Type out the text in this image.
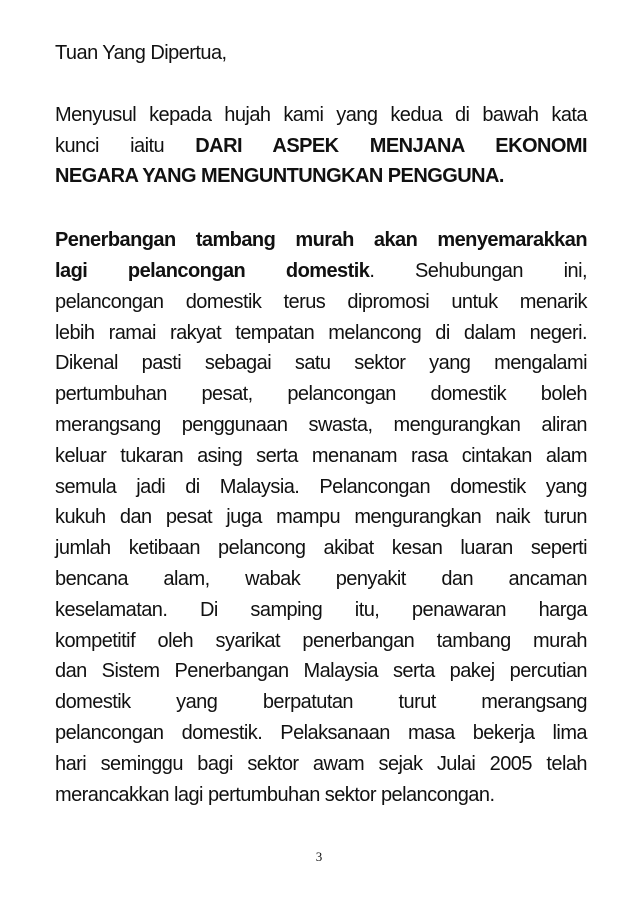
Tuan Yang Dipertua,
Menyusul kepada hujah kami yang kedua di bawah kata
kunci iaitu DARI ASPEK MENJANA EKONOMI
NEGARA YANG MENGUNTUNGKAN PENGGUNA.
Penerbangan tambang murah akan menyemarakkan
lagi pelancongan domestik. Sehubungan ini,
pelancongan domestik terus dipromosi untuk menarik
lebih ramai rakyat tempatan melancong di dalam negeri.
Dikenal pasti sebagai satu sektor yang mengalami
pertumbuhan pesat, pelancongan domestik boleh
merangsang penggunaan swasta, mengurangkan aliran
keluar tukaran asing serta menanam rasa cintakan alam
semula jadi di Malaysia. Pelancongan domestik yang
kukuh dan pesat juga mampu mengurangkan naik turun
jumlah ketibaan pelancong akibat kesan luaran seperti
bencana alam, wabak penyakit dan ancaman
keselamatan. Di samping itu, penawaran harga
kompetitif oleh syarikat penerbangan tambang murah
dan Sistem Penerbangan Malaysia serta pakej percutian
domestik yang berpatutan turut merangsang
pelancongan domestik. Pelaksanaan masa bekerja lima
hari seminggu bagi sektor awam sejak Julai 2005 telah
merancakkan lagi pertumbuhan sektor pelancongan.
3
